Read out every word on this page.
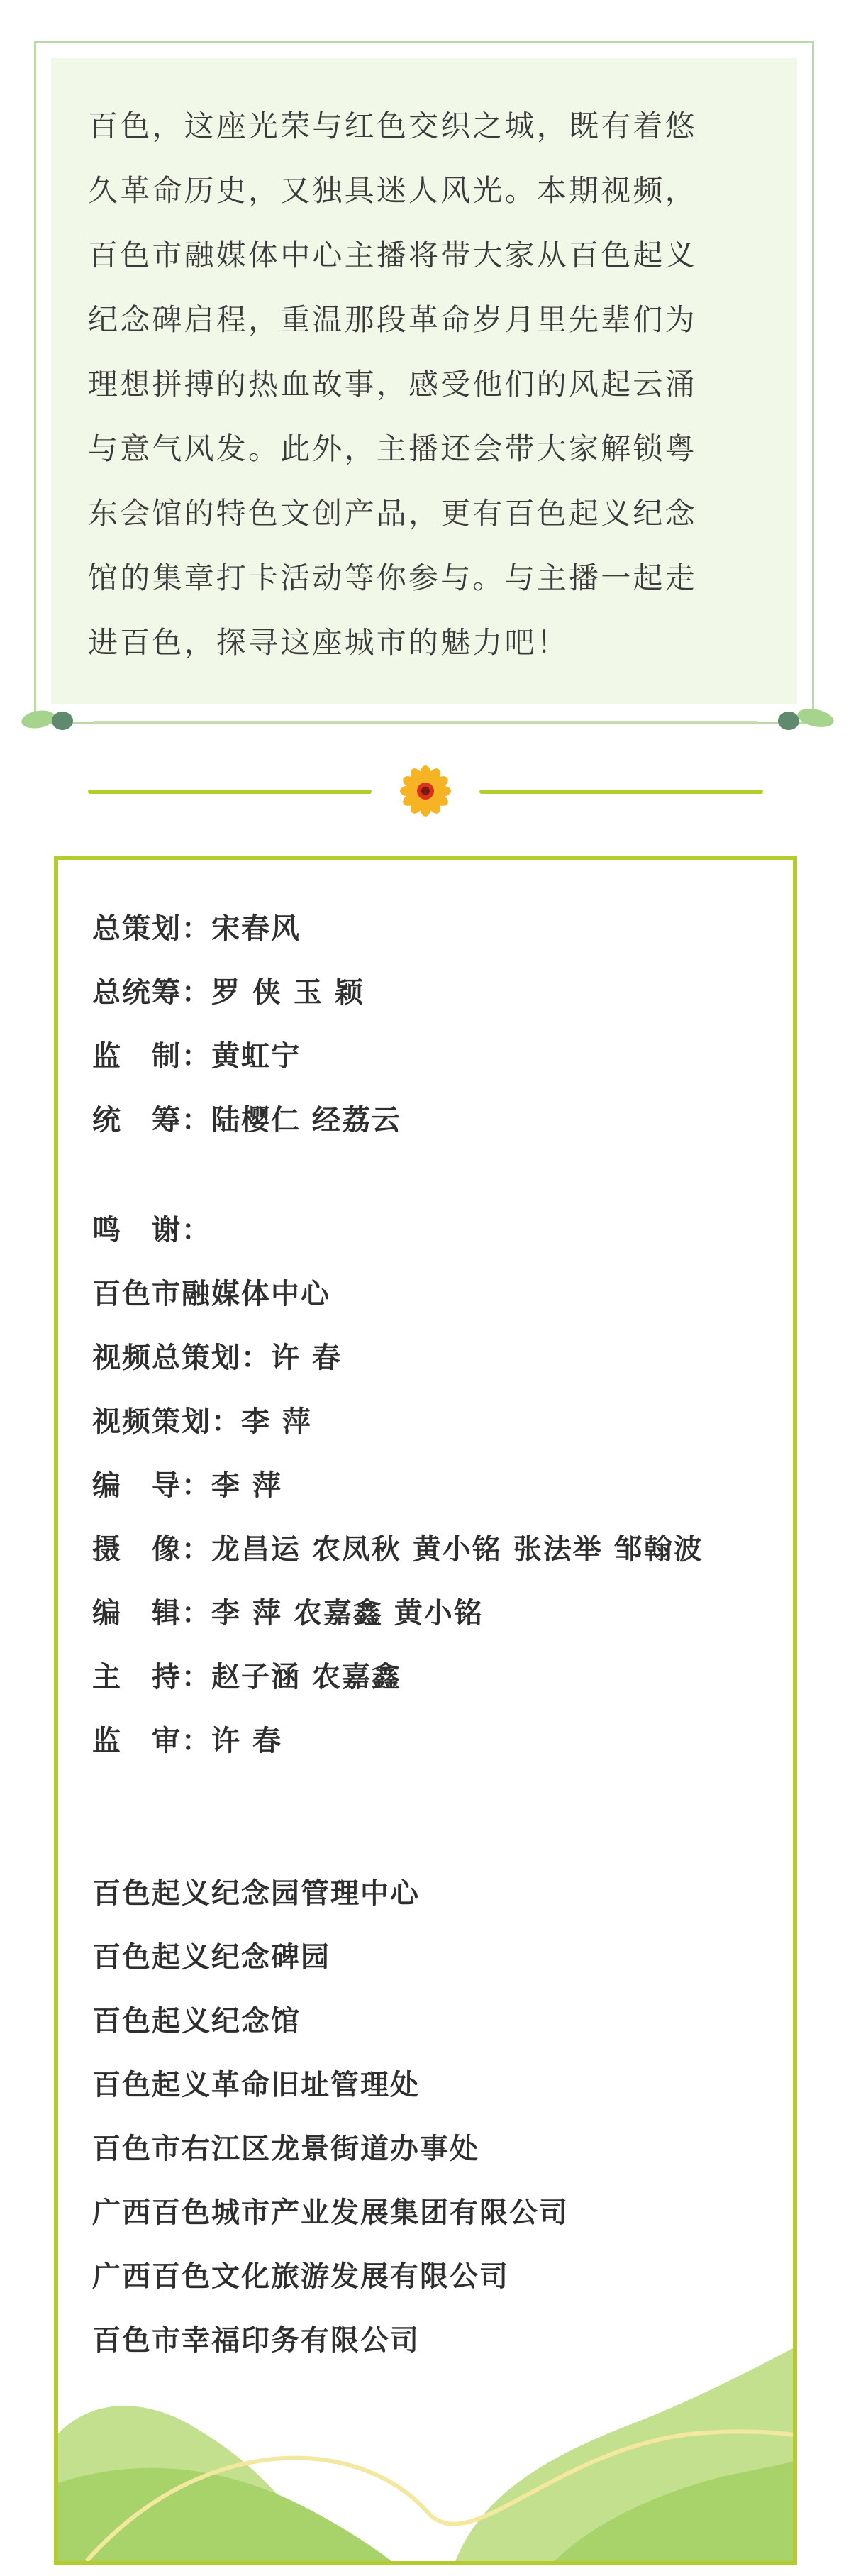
百色，这座光荣与红色交织之城，既有着悠
久革命历史，又独具迷人风光。本期视频，
百色市融媒体中心主播将带大家从百色起义
纪念碑启程，重温那段革命岁月里先辈们为
理想拼搏的热血故事，感受他们的风起云涌
与意气风发。此外，主播还会带大家解锁粤
东会馆的特色文创产品，更有百色起义纪念
馆的集章打卡活动等你参与。与主播一起走
进百色，探寻这座城市的魅力吧！

总策划：宋春风
总统筹：罗 侠 玉 颖
监　制：黄虹宁
统　筹：陆樱仁 经荔云
鸣　谢：
百色市融媒体中心
视频总策划：许 春
视频策划：李 萍
编　导：李 萍
摄　像：龙昌运 农凤秋 黄小铭 张法举 邹翰波
编　辑：李 萍 农嘉鑫 黄小铭
主　持：赵子涵 农嘉鑫
监　审：许 春
百色起义纪念园管理中心
百色起义纪念碑园
百色起义纪念馆
百色起义革命旧址管理处
百色市右江区龙景街道办事处
广西百色城市产业发展集团有限公司
广西百色文化旅游发展有限公司
百色市幸福印务有限公司
